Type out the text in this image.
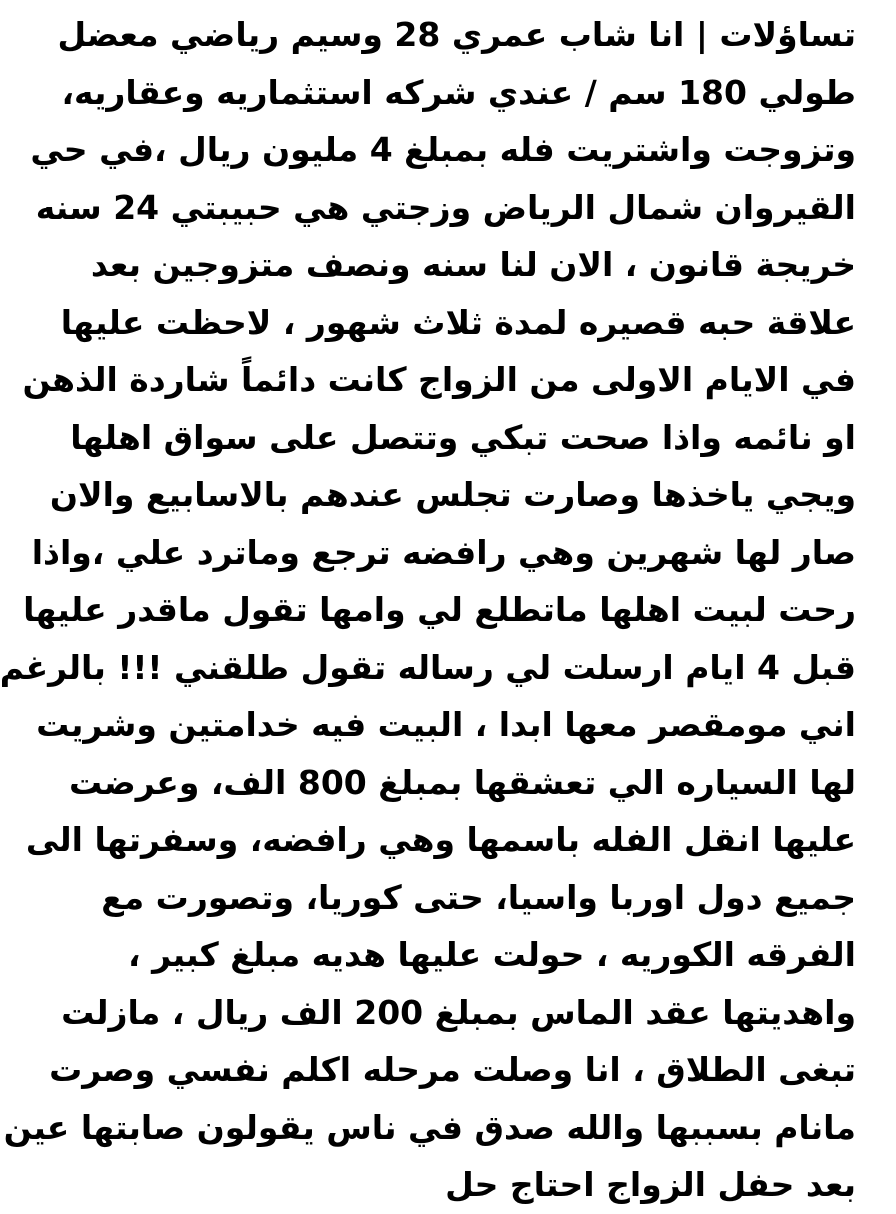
تساؤلات | انا شاب عمري 28 وسيم رياضي معضل
طولي 180 سم / عندي شركه استثماريه وعقاريه،
وتزوجت واشتريت فله بمبلغ 4 مليون ريال ،في حي
القيروان شمال الرياض وزجتي هي حبيبتي 24 سنه
خريجة قانون ، الان لنا سنه ونصف متزوجين بعد
علاقة حبه قصيره لمدة ثلاث شهور ، لاحظت عليها
في الايام الاولى من الزواج كانت دائماً شاردة الذهن
او نائمه واذا صحت تبكي وتتصل على سواق اهلها
ويجي ياخذها وصارت تجلس عندهم بالاسابيع والان
صار لها شهرين وهي رافضه ترجع وماترد علي ،واذا
رحت لبيت اهلها ماتطلع لي وامها تقول ماقدر عليها
قبل 4 ايام ارسلت لي رساله تقول طلقني !!! بالرغم
اني مومقصر معها ابدا ، البيت فيه خدامتين وشريت
لها السياره الي تعشقها بمبلغ 800 الف، وعرضت
عليها انقل الفله باسمها وهي رافضه، وسفرتها الى
جميع دول اوربا واسيا، حتى كوريا، وتصورت مع
الفرقه الكوريه ، حولت عليها هديه مبلغ كبير ،
واهديتها عقد الماس بمبلغ 200 الف ريال ، مازلت
تبغى الطلاق ، انا وصلت مرحله اكلم نفسي وصرت
مانام بسببها والله صدق في ناس يقولون صابتها عين
بعد حفل الزواج احتاج حل
